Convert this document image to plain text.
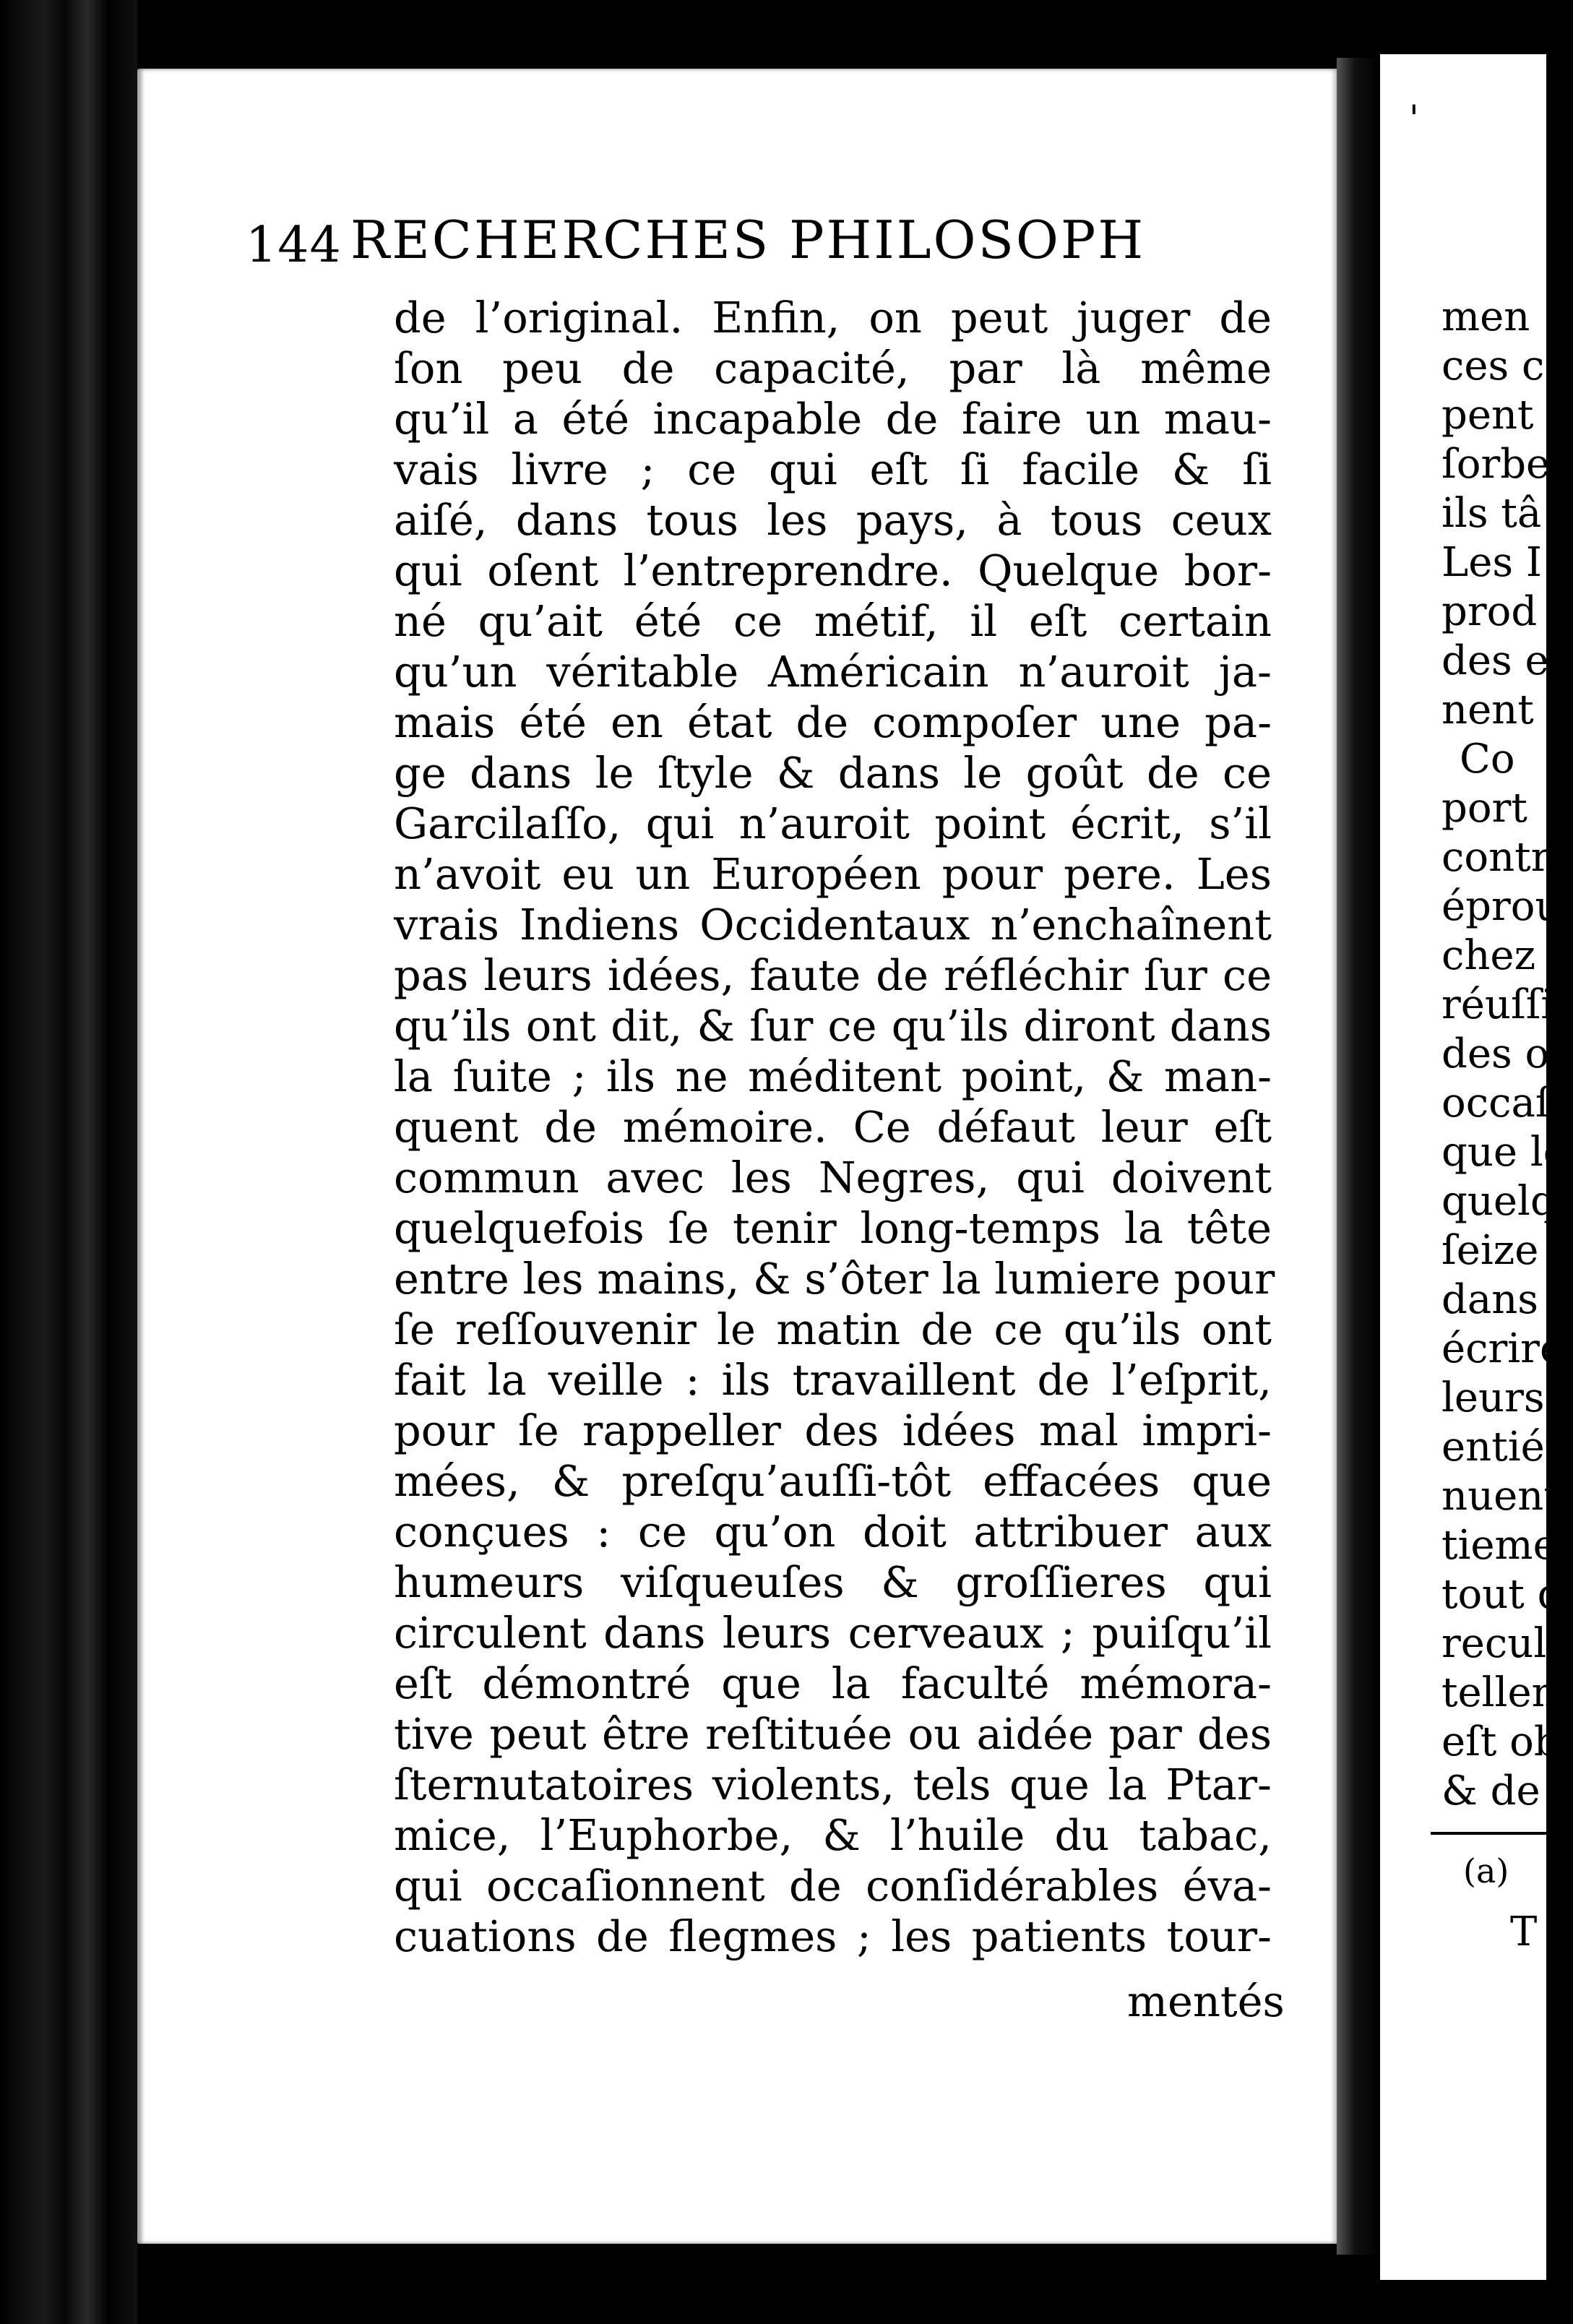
144 RECHERCHES PHILOSOPH
de l’original. Enfin, on peut juger de
ſon peu de capacité, par là même
qu’il a été incapable de faire un mau-
vais livre ; ce qui eſt ſi facile & ſi
aiſé, dans tous les pays, à tous ceux
qui oſent l’entreprendre. Quelque bor-
né qu’ait été ce métif, il eſt certain
qu’un véritable Américain n’auroit ja-
mais été en état de compoſer une pa-
ge dans le ſtyle & dans le goût de ce
Garcilaſſo, qui n’auroit point écrit, s’il
n’avoit eu un Européen pour pere. Les
vrais Indiens Occidentaux n’enchaînent
pas leurs idées, faute de réfléchir ſur ce
qu’ils ont dit, & ſur ce qu’ils diront dans
la ſuite ; ils ne méditent point, & man-
quent de mémoire. Ce défaut leur eſt
commun avec les Negres, qui doivent
quelquefois ſe tenir long-temps la tête
entre les mains, & s’ôter la lumiere pour
ſe reſſouvenir le matin de ce qu’ils ont
fait la veille : ils travaillent de l’eſprit,
pour ſe rappeller des idées mal impri-
mées, & preſqu’auſſi-tôt effacées que
conçues : ce qu’on doit attribuer aux
humeurs viſqueuſes & groſſieres qui
circulent dans leurs cerveaux ; puiſqu’il
eſt démontré que la faculté mémora-
tive peut être reſtituée ou aidée par des
ſternutatoires violents, tels que la Ptar-
mice, l’Euphorbe, & l’huile du tabac,
qui occaſionnent de conſidérables éva-
cuations de flegmes ; les patients tour-
mentés
'
men
ces c
pent
ſorbe
ils tâ
Les I
prod
des e
nent
Co
port
contr
éprou
chez
réuſſi
des o
occaſ
que le
quelq
ſeize
dans
écrire
leurs
entiér
nuent
tieme
tout d
recule
tellem
eſt obi
& de l
(a)
T
